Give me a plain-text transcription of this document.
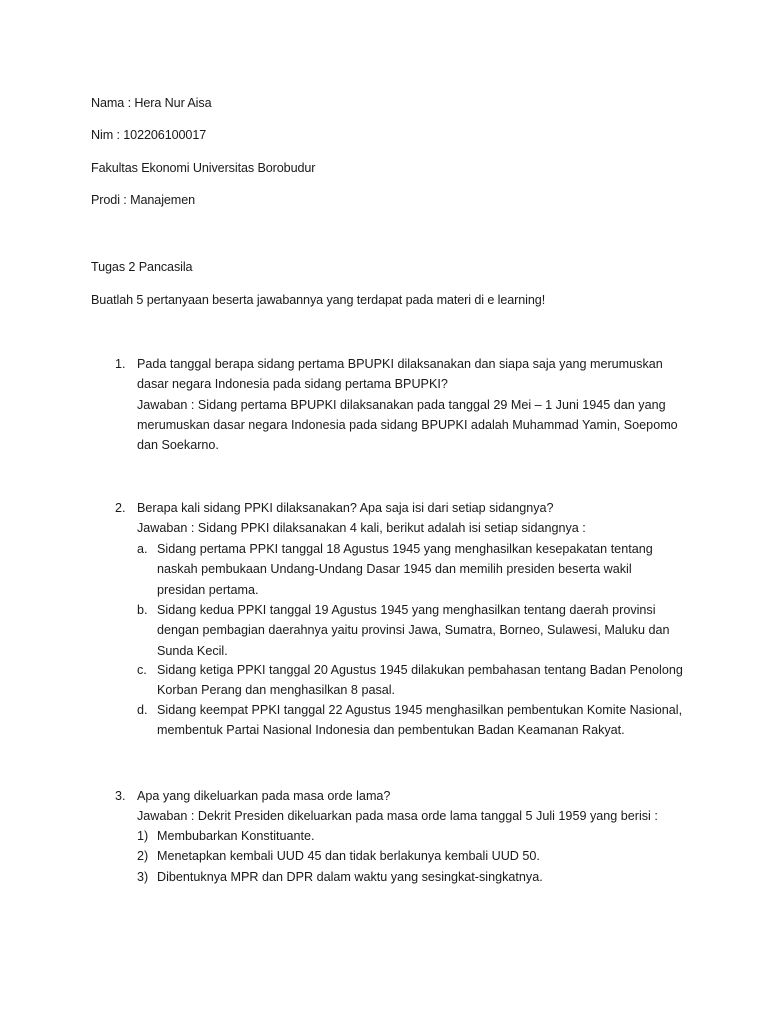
Nama : Hera Nur Aisa
Nim : 102206100017
Fakultas Ekonomi Universitas Borobudur
Prodi : Manajemen
Tugas 2 Pancasila
Buatlah 5 pertanyaan beserta jawabannya yang terdapat pada materi di e learning!
1. Pada tanggal berapa sidang pertama BPUPKI dilaksanakan dan siapa saja yang merumuskan
dasar negara Indonesia pada sidang pertama BPUPKI?
Jawaban : Sidang pertama BPUPKI dilaksanakan pada tanggal 29 Mei – 1 Juni 1945 dan yang
merumuskan dasar negara Indonesia pada sidang BPUPKI adalah Muhammad Yamin, Soepomo
dan Soekarno.
2. Berapa kali sidang PPKI dilaksanakan? Apa saja isi dari setiap sidangnya?
Jawaban : Sidang PPKI dilaksanakan 4 kali, berikut adalah isi setiap sidangnya :
a. Sidang pertama PPKI tanggal 18 Agustus 1945 yang menghasilkan kesepakatan tentang
naskah pembukaan Undang-Undang Dasar 1945 dan memilih presiden beserta wakil
presidan pertama.
b. Sidang kedua PPKI tanggal 19 Agustus 1945 yang menghasilkan tentang daerah provinsi
dengan pembagian daerahnya yaitu provinsi Jawa, Sumatra, Borneo, Sulawesi, Maluku dan
Sunda Kecil.
c. Sidang ketiga PPKI tanggal 20 Agustus 1945 dilakukan pembahasan tentang Badan Penolong
Korban Perang dan menghasilkan 8 pasal.
d. Sidang keempat PPKI tanggal 22 Agustus 1945 menghasilkan pembentukan Komite Nasional,
membentuk Partai Nasional Indonesia dan pembentukan Badan Keamanan Rakyat.
3. Apa yang dikeluarkan pada masa orde lama?
Jawaban : Dekrit Presiden dikeluarkan pada masa orde lama tanggal 5 Juli 1959 yang berisi :
1) Membubarkan Konstituante.
2) Menetapkan kembali UUD 45 dan tidak berlakunya kembali UUD 50.
3) Dibentuknya MPR dan DPR dalam waktu yang sesingkat-singkatnya.
